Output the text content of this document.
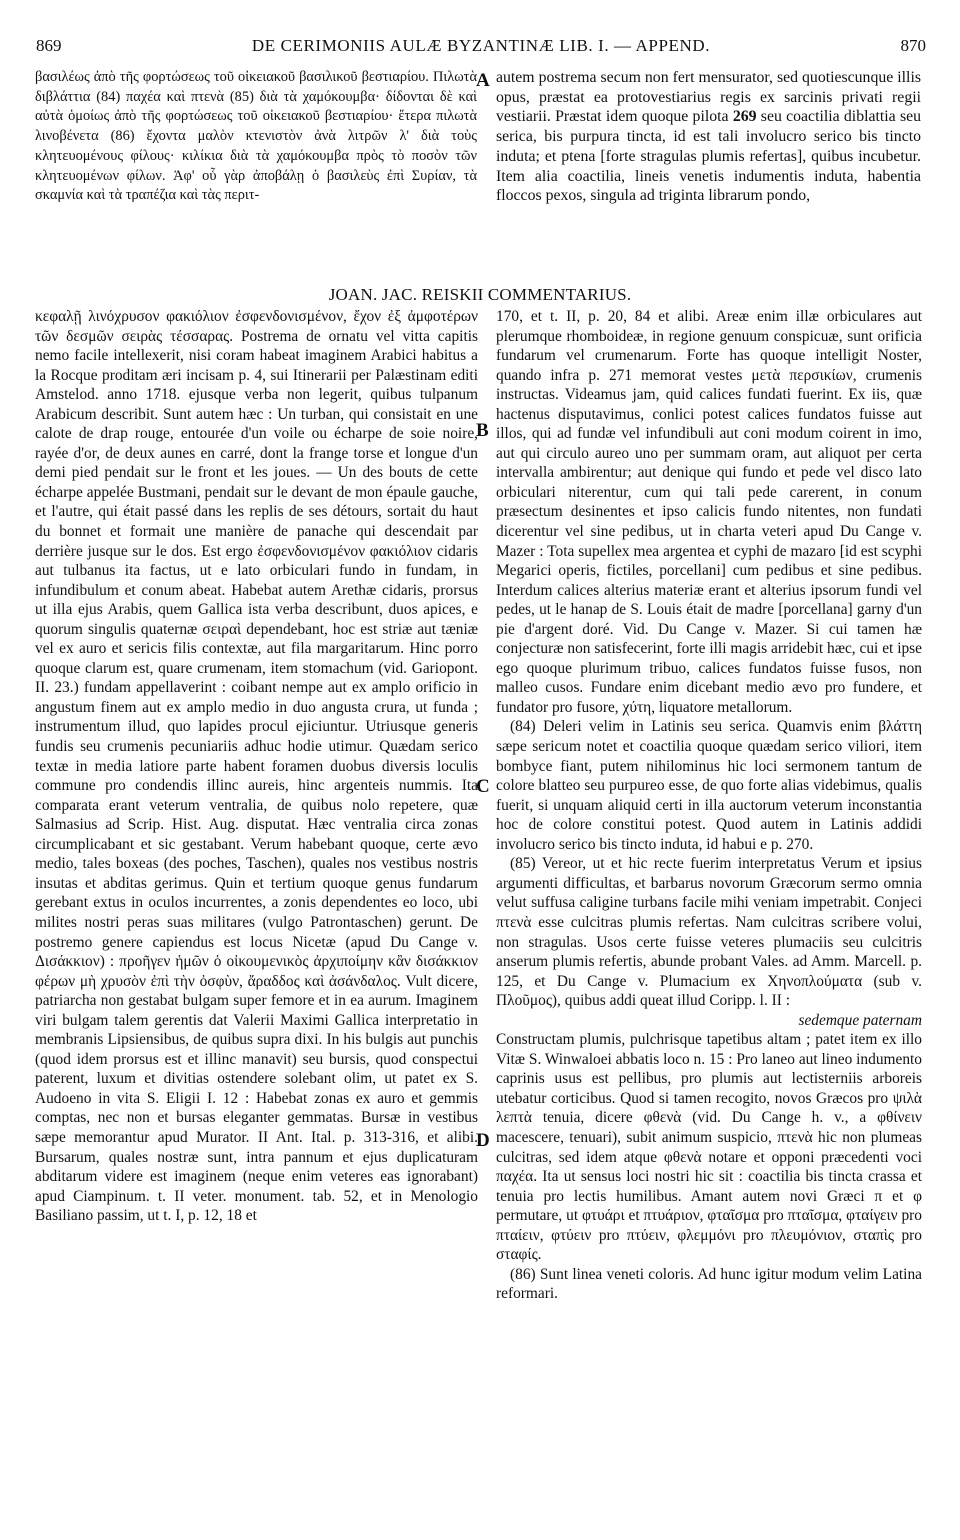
869	DE CERIMONIIS AULÆ BYZANTINÆ LIB. I. — APPEND.	870

βασιλέως ἀπὸ τῆς φορτώσεως τοῦ οἰκειακοῦ βασιλικοῦ βεστιαρίου. Πιλωτὰ διβλάττια (84) παχέα καὶ πτενὰ (85) διὰ τὰ χαμόκουμβα· δίδονται δὲ καὶ αὐτὰ ὁμοίως ἀπὸ τῆς φορτώσεως τοῦ οἰκειακοῦ βεστιαρίου· ἕτερα πιλωτὰ λινοβένετα (86) ἔχοντα μαλὸν κτενιστὸν ἀνὰ λιτρῶν λ' διὰ τοὺς κλητευομένους φίλους· κιλίκια διὰ τὰ χαμόκουμβα πρὸς τὸ ποσὸν τῶν κλητευομένων φίλων. Ἀφ' οὗ γὰρ ἀποβάλῃ ὁ βασιλεὺς ἐπὶ Συρίαν, τὰ σκαμνία καὶ τὰ τραπέζια καὶ τὰς περιτ-

autem postrema secum non fert mensurator, sed quotiescunque illis opus, præstat ea protovestiarius regis ex sarcinis privati regii vestiarii. Præstat idem quoque pilota 269 seu coactilia diblattia seu serica, bis purpura tincta, id est tali involucro serico bis tincto induta; et ptena [forte stragulas plumis refertas], quibus incubetur. Item alia coactilia, lineis venetis indumentis induta, habentia floccos pexos, singula ad triginta librarum pondo,

JOAN. JAC. REISKII COMMENTARIUS.
A
B
C
D

κεφαλῇ λινόχρυσον φακιόλιον ἐσφενδονισμένον, ἔχον ἐξ ἀμφοτέρων τῶν δεσμῶν σειρὰς τέσσαρας. Postrema de ornatu vel vitta capitis nemo facile intellexerit, nisi coram habeat imaginem Arabici habitus a la Rocque proditam æri incisam p. 4, sui Itinerarii per Palæstinam editi Amstelod. anno 1718. ejusque verba non legerit, quibus tulpanum Arabicum describit. Sunt autem hæc : Un turban, qui consistait en une calote de drap rouge, entourée d'un voile ou écharpe de soie noire, rayée d'or, de deux aunes en carré, dont la frange torse et longue d'un demi pied pendait sur le front et les joues. — Un des bouts de cette écharpe appelée Bustmani, pendait sur le devant de mon épaule gauche, et l'autre, qui était passé dans les replis de ses détours, sortait du haut du bonnet et formait une manière de panache qui descendait par derrière jusque sur le dos. Est ergo ἐσφενδονισμένον φακιόλιον cidaris aut tulbanus ita factus, ut e lato orbiculari fundo in fundam, in infundibulum et conum abeat. Habebat autem Arethæ cidaris, prorsus ut illa ejus Arabis, quem Gallica ista verba describunt, duos apices, e quorum singulis quaternæ σειραὶ dependebant, hoc est striæ aut tæniæ vel ex auro et sericis filis contextæ, aut fila margaritarum. Hinc porro quoque clarum est, quare crumenam, item stomachum (vid. Gariopont. II. 23.) fundam appellaverint : coibant nempe aut ex amplo orificio in angustum finem aut ex amplo medio in duo angusta crura, ut funda ; instrumentum illud, quo lapides procul ejiciuntur. Utriusque generis fundis seu crumenis pecuniariis adhuc hodie utimur. Quædam serico textæ in media latiore parte habent foramen duobus diversis loculis commune pro condendis illinc aureis, hinc argenteis nummis. Ita comparata erant veterum ventralia, de quibus nolo repetere, quæ Salmasius ad Scrip. Hist. Aug. disputat. Hæc ventralia circa zonas circumplicabant et sic gestabant. Verum habebant quoque, certe ævo medio, tales boxeas (des poches, Taschen), quales nos vestibus nostris insutas et abditas gerimus. Quin et tertium quoque genus fundarum gerebant extus in oculos incurrentes, a zonis dependentes eo loco, ubi milites nostri peras suas militares (vulgo Patrontaschen) gerunt. De postremo genere capiendus est locus Nicetæ (apud Du Cange v. Δισάκκιον) : προῆγεν ἡμῶν ὁ οἰκουμενικὸς ἀρχιποίμην κἂν δισάκκιον φέρων μὴ χρυσὸν ἐπὶ τὴν ὀσφὺν, ἄραδδος καὶ ἀσάνδαλος. Vult dicere, patriarcha non gestabat bulgam super femore et in ea aurum. Imaginem viri bulgam talem gerentis dat Valerii Maximi Gallica interpretatio in membranis Lipsiensibus, de quibus supra dixi. In his bulgis aut punchis (quod idem prorsus est et illinc manavit) seu bursis, quod conspectui paterent, luxum et divitias ostendere solebant olim, ut patet ex S. Audoeno in vita S. Eligii I. 12 : Habebat zonas ex auro et gemmis comptas, nec non et bursas eleganter gemmatas. Bursæ in vestibus sæpe memorantur apud Murator. II Ant. Ital. p. 313-316, et alibi. Bursarum, quales nostræ sunt, intra pannum et ejus duplicaturam abditarum videre est imaginem (neque enim veteres eas ignorabant) apud Ciampinum. t. II veter. monument. tab. 52, et in Menologio Basiliano passim, ut t. I, p. 12, 18 et

170, et t. II, p. 20, 84 et alibi. Areæ enim illæ orbiculares aut plerumque rhomboideæ, in regione genuum conspicuæ, sunt orificia fundarum vel crumenarum. Forte has quoque intelligit Noster, quando infra p. 271 memorat vestes μετὰ περσικίων, crumenis instructas. Videamus jam, quid calices fundati fuerint. Ex iis, quæ hactenus disputavimus, conlici potest calices fundatos fuisse aut illos, qui ad fundæ vel infundibuli aut coni modum coirent in imo, aut qui circulo aureo uno per summam oram, aut aliquot per certa intervalla ambirentur; aut denique qui fundo et pede vel disco lato orbiculari niterentur, cum qui tali pede carerent, in conum præsectum desinentes et ipso calicis fundo nitentes, non fundati dicerentur vel sine pedibus, ut in charta veteri apud Du Cange v. Mazer : Tota supellex mea argentea et cyphi de mazaro [id est scyphi Megarici operis, fictiles, porcellani] cum pedibus et sine pedibus. Interdum calices alterius materiæ erant et alterius ipsorum fundi vel pedes, ut le hanap de S. Louis était de madre [porcellana] garny d'un pie d'argent doré. Vid. Du Cange v. Mazer. Si cui tamen hæ conjecturæ non satisfecerint, forte illi magis arridebit hæc, cui et ipse ego quoque plurimum tribuo, calices fundatos fuisse fusos, non malleo cusos. Fundare enim dicebant medio ævo pro fundere, et fundator pro fusore, χύτη, liquatore metallorum.

(84) Deleri velim in Latinis seu serica. Quamvis enim βλάττη sæpe sericum notet et coactilia quoque quædam serico viliori, item bombyce fiant, putem nihilominus hic loci sermonem tantum de colore blatteo seu purpureo esse, de quo forte alias videbimus, qualis fuerit, si unquam aliquid certi in illa auctorum veterum inconstantia hoc de colore constitui potest. Quod autem in Latinis addidi involucro serico bis tincto induta, id habui e p. 270.

(85) Vereor, ut et hic recte fuerim interpretatus Verum et ipsius argumenti difficultas, et barbarus novorum Græcorum sermo omnia velut suffusa caligine turbans facile mihi veniam impetrabit. Conjeci πτενὰ esse culcitras plumis refertas. Nam culcitras scribere volui, non stragulas. Usos certe fuisse veteres plumaciis seu culcitris anserum plumis refertis, abunde probant Vales. ad Amm. Marcell. p. 125, et Du Cange v. Plumacium ex Χηνοπλούματα (sub v. Πλοῦμος), quibus addi queat illud Coripp. l. II :

sedemque paternam

Constructam plumis, pulchrisque tapetibus altam ; patet item ex illo Vitæ S. Winwaloei abbatis loco n. 15 : Pro laneo aut lineo indumento caprinis usus est pellibus, pro plumis aut lectisterniis arboreis utebatur corticibus. Quod si tamen recogito, novos Græcos pro ψιλὰ λεπτὰ tenuia, dicere φθενὰ (vid. Du Cange h. v., a φθίνειν macescere, tenuari), subit animum suspicio, πτενὰ hic non plumeas culcitras, sed idem atque φθενὰ notare et opponi præcedenti voci παχέα. Ita ut sensus loci nostri hic sit : coactilia bis tincta crassa et tenuia pro lectis humilibus. Amant autem novi Græci π et φ permutare, ut φτυάρι et πτυάριον, φταῖσμα pro πταῖσμα, φταίγειν pro πταίειν, φτύειν pro πτύειν, φλεμμόνι pro πλευμόνιον, σταπὶς pro σταφίς.

(86) Sunt linea veneti coloris. Ad hunc igitur modum velim Latina reformari.
